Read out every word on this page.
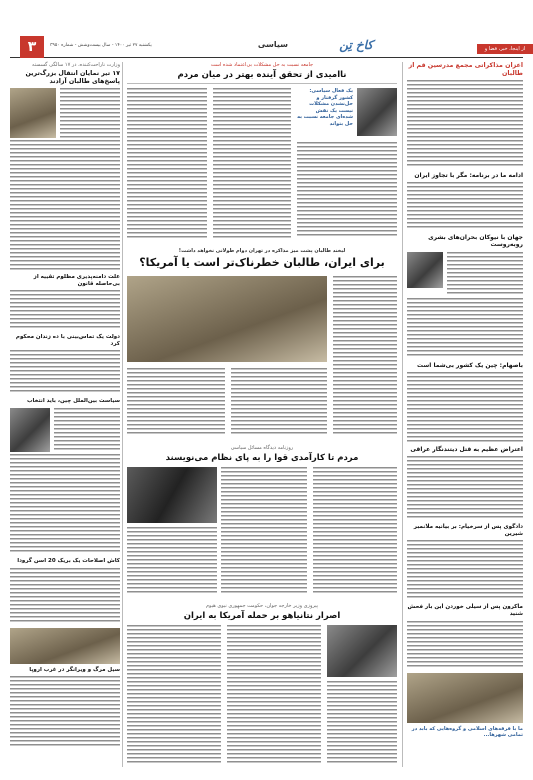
۳	یکشنبه ۲۷ تیر ۱۴۰۰ - سال بیست‌وشش - شماره ۳۹۵۰	سیاسی	کاخ‌ تِن	از اینجا، خبر، فضا و
اعزان مذاکراتی مجمع مدرسین قم از طالبان
ادامه ما در برنامه: مگر با تجاوز ایران
جهان با نیوکان بحران‌های بشری روبه‌روست
باصهام: چین یک کشور بی‌شما است
اعتراض عظیم به قتل دیتندنگار عراقی
دادگوی پس از سرخیام: بر بیانیه ملانمبر شیرین
ماکرون پس از سیلی خوردن این بار فحش شنید
ما با فرقه‌های اسلامی و گروه‌هایی که بابد در تمامی شهرها...
جامعه نسبت به حل مشکلات بی‌اعتماد شده است
ناامیدی از تحقق آینده بهتر در میان مردم
یک فعال سیاسی: کشور گرفتار و حل‌نشدن مشکلات نیست یک نقش شده‌ای جامعه نسبت به حل بتواند
لیخند طالبان پشت میز مذاکره در تهران دوام طولانی نخواهد داشت!
برای ایران، طالبان خطرناک‌تر است یا آمریکا؟
روزنامه دیدگاه مسائل سیاسی
مردم تا کارآمدی قوا را به پای نظام می‌نویسند
پیروزی وزیر خارجه جوان، حکومت جمهوری نیوی هیوم
اصرار نتانیاهو بر حمله آمریکا به ایران
وزارت ناراحت‌کننده، در ۱۷ سالگی گسسته
۱۷ تیر نمایان انتقال بزرگ‌ترین پاسخ‌های طالبان آزادند
علت دامنه‌پذیری مظلوم تقییه از بی‌حاصله قانون
دولت یک تماس‌بینی با ده زندان محکوم کرد
سیاست بین‌الملل چین، باید انتخاب
کاش اصلاحات یک بریک 20 اسن گرودا
سیل مرگ و ویرانگر در غرب اروپا
